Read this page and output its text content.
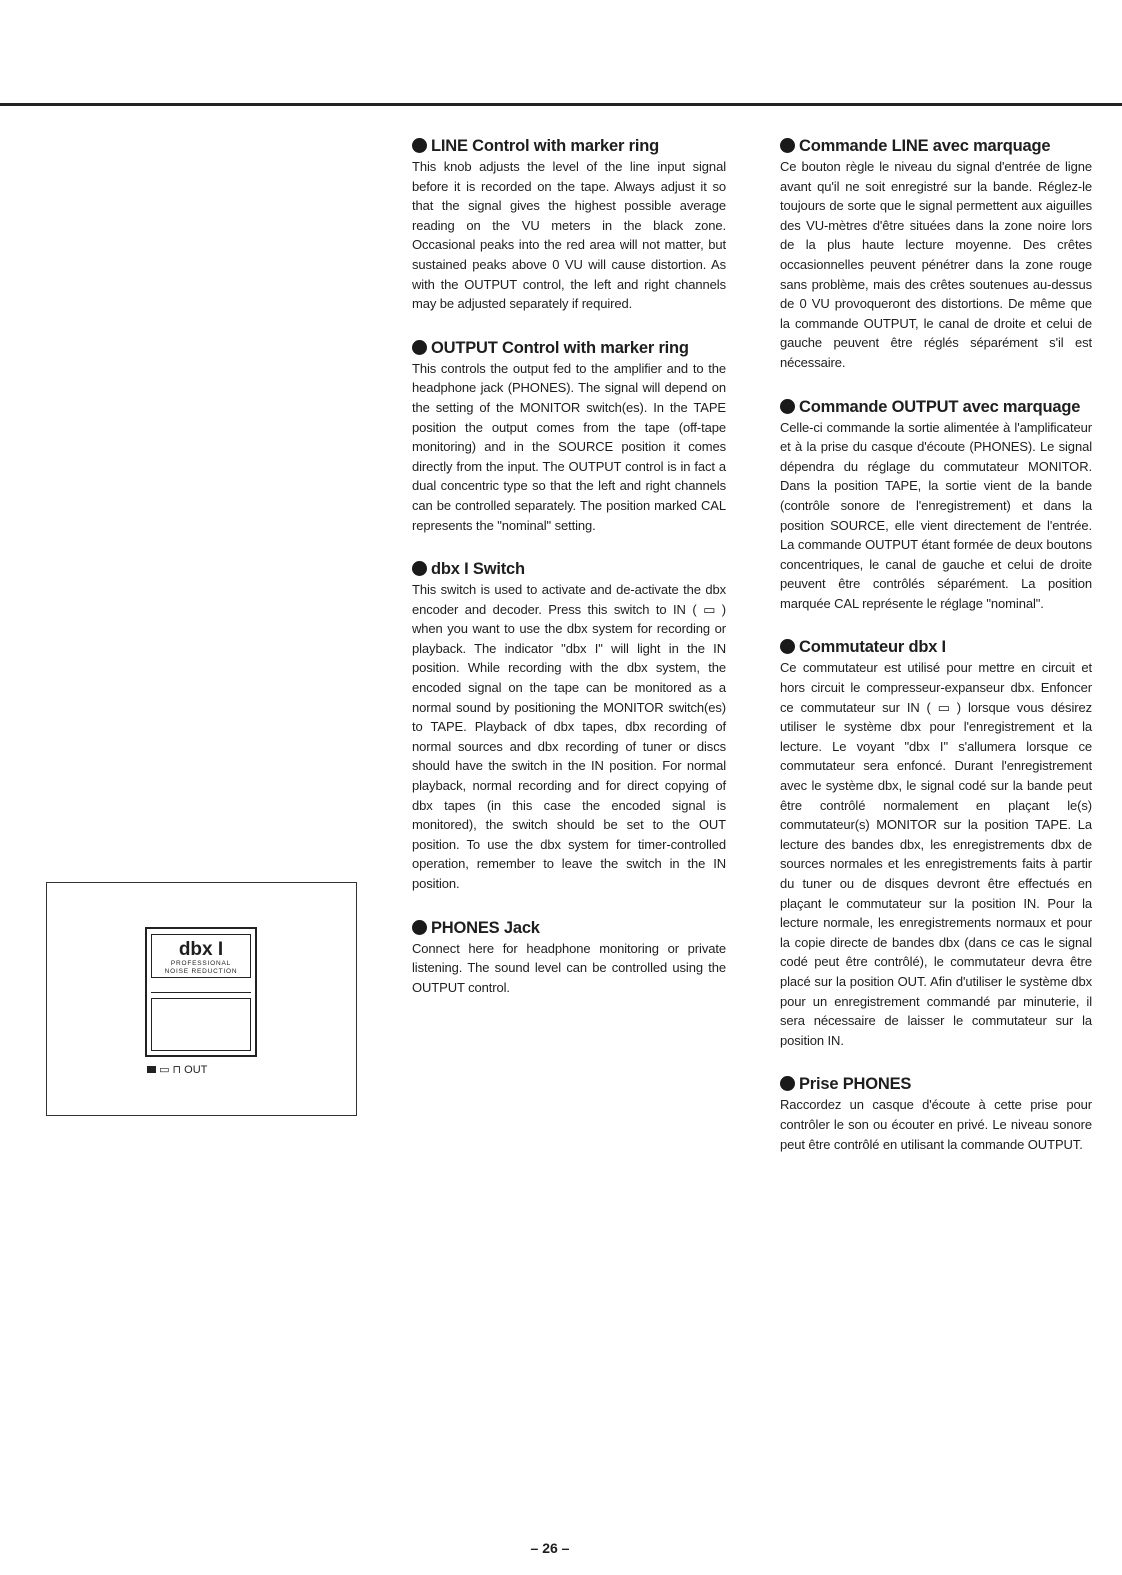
LINE Control with marker ring

This knob adjusts the level of the line input signal before it is recorded on the tape. Always adjust it so that the signal gives the highest possible average reading on the VU meters in the black zone. Occasional peaks into the red area will not matter, but sustained peaks above 0 VU will cause distortion. As with the OUTPUT control, the left and right channels may be adjusted separately if required.

OUTPUT Control with marker ring

This controls the output fed to the amplifier and to the headphone jack (PHONES). The signal will depend on the setting of the MONITOR switch(es). In the TAPE position the output comes from the tape (off-tape monitoring) and in the SOURCE position it comes directly from the input. The OUTPUT control is in fact a dual concentric type so that the left and right channels can be controlled separately. The position marked CAL represents the "nominal" setting.

dbx I Switch

This switch is used to activate and de-activate the dbx encoder and decoder. Press this switch to IN ( ▭ ) when you want to use the dbx system for recording or playback. The indicator "dbx I" will light in the IN position. While recording with the dbx system, the encoded signal on the tape can be monitored as a normal sound by positioning the MONITOR switch(es) to TAPE. Playback of dbx tapes, dbx recording of normal sources and dbx recording of tuner or discs should have the switch in the IN position. For normal playback, normal recording and for direct copying of dbx tapes (in this case the encoded signal is monitored), the switch should be set to the OUT position. To use the dbx system for timer-controlled operation, remember to leave the switch in the IN position.

PHONES Jack

Connect here for headphone monitoring or private listening. The sound level can be controlled using the OUTPUT control.

Commande LINE avec marquage

Ce bouton règle le niveau du signal d'entrée de ligne avant qu'il ne soit enregistré sur la bande. Réglez-le toujours de sorte que le signal permettent aux aiguilles des VU-mètres d'être situées dans la zone noire lors de la plus haute lecture moyenne. Des crêtes occasionnelles peuvent pénétrer dans la zone rouge sans problème, mais des crêtes soutenues au-dessus de 0 VU provoqueront des distortions. De même que la commande OUTPUT, le canal de droite et celui de gauche peuvent être réglés séparément s'il est nécessaire.

Commande OUTPUT avec marquage

Celle-ci commande la sortie alimentée à l'amplificateur et à la prise du casque d'écoute (PHONES). Le signal dépendra du réglage du commutateur MONITOR. Dans la position TAPE, la sortie vient de la bande (contrôle sonore de l'enregistrement) et dans la position SOURCE, elle vient directement de l'entrée. La commande OUTPUT étant formée de deux boutons concentriques, le canal de gauche et celui de droite peuvent être contrôlés séparément. La position marquée CAL représente le réglage "nominal".

Commutateur dbx I

Ce commutateur est utilisé pour mettre en circuit et hors circuit le compresseur-expanseur dbx. Enfoncer ce commutateur sur IN ( ▭ ) lorsque vous désirez utiliser le système dbx pour l'enregistrement et la lecture. Le voyant "dbx I" s'allumera lorsque ce commutateur sera enfoncé. Durant l'enregistrement avec le système dbx, le signal codé sur la bande peut être contrôlé normalement en plaçant le(s) commutateur(s) MONITOR sur la position TAPE. La lecture des bandes dbx, les enregistrements dbx de sources normales et les enregistrements faits à partir du tuner ou de disques devront être effectués en plaçant le commutateur sur la position IN. Pour la lecture normale, les enregistrements normaux et pour la copie directe de bandes dbx (dans ce cas le signal codé peut être contrôlé), le commutateur devra être placé sur la position OUT. Afin d'utiliser le système dbx pour un enregistrement commandé par minuterie, il sera nécessaire de laisser le commutateur sur la position IN.

Prise PHONES

Raccordez un casque d'écoute à cette prise pour contrôler le son ou écouter en privé. Le niveau sonore peut être contrôlé en utilisant la commande OUTPUT.

dbx I
PROFESSIONAL
NOISE REDUCTION
▭ ⊓ OUT
– 26 –
